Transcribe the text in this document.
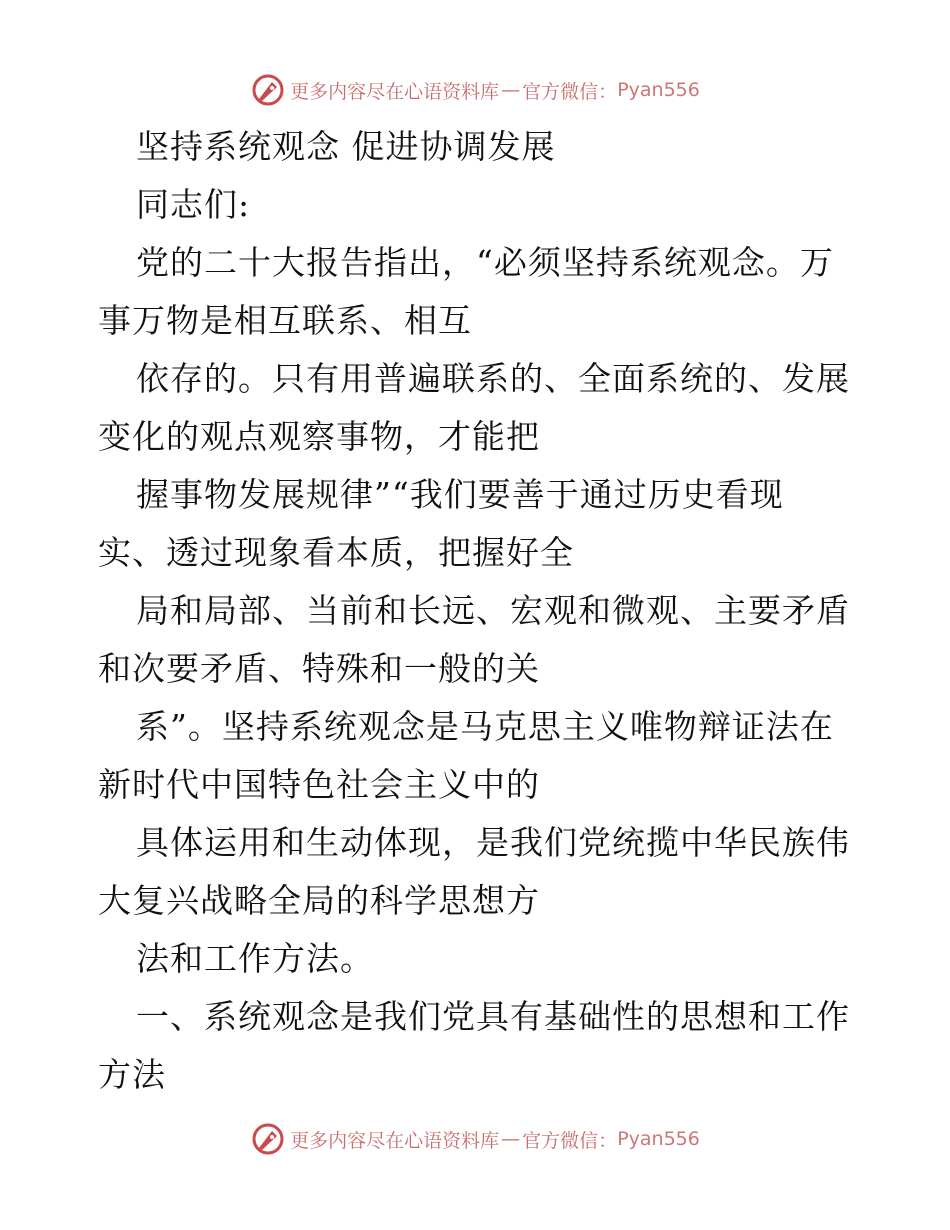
更多内容尽在心语资料库 — 官方微信： Pyan556

坚持系统观念 促进协调发展

同志们:

党的二十大报告指出，“必须坚持系统观念。万
事万物是相互联系、相互
依存的。只有用普遍联系的、全面系统的、发展
变化的观点观察事物，才能把
握事物发展规律”“我们要善于通过历史看现
实、透过现象看本质，把握好全
局和局部、当前和长远、宏观和微观、主要矛盾
和次要矛盾、特殊和一般的关
系”。坚持系统观念是马克思主义唯物辩证法在
新时代中国特色社会主义中的
具体运用和生动体现，是我们党统揽中华民族伟
大复兴战略全局的科学思想方
法和工作方法。
一、系统观念是我们党具有基础性的思想和工作
方法
更多内容尽在心语资料库 — 官方微信： Pyan556
